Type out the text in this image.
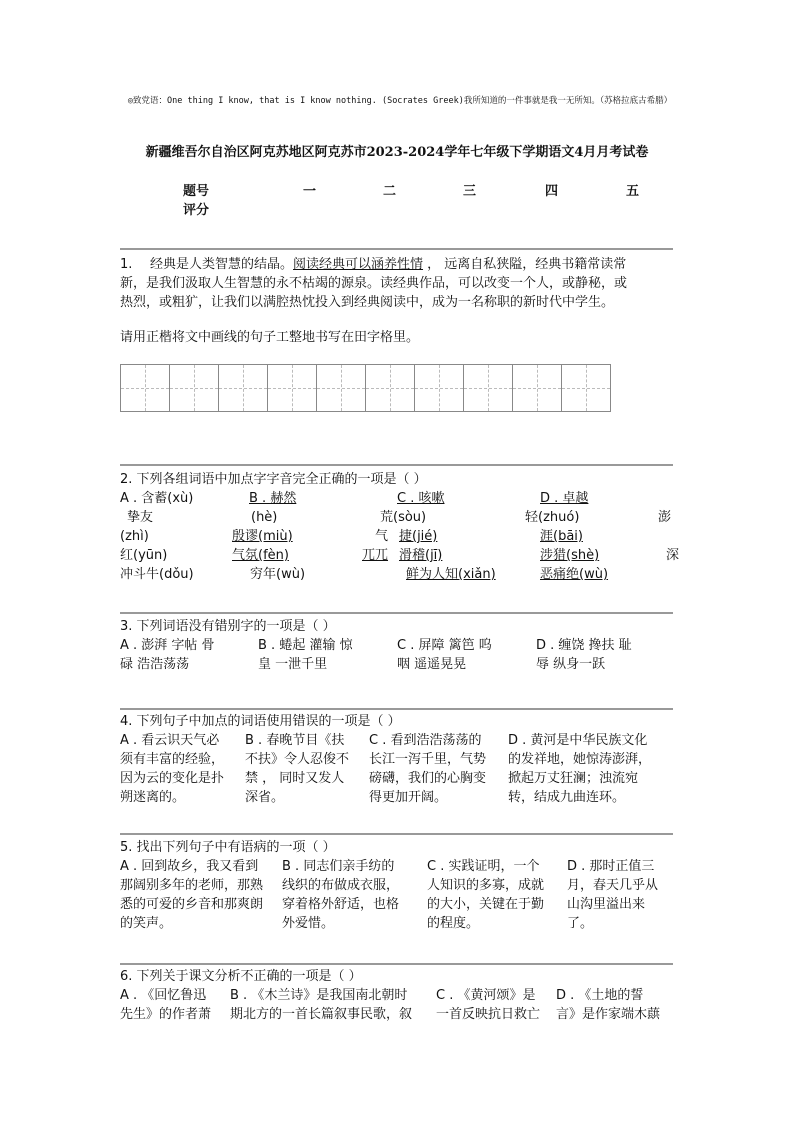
◎致党语：One thing I know, that is I know nothing. (Socrates Greek)我所知道的一件事就是我一无所知。（苏格拉底古希腊）
新疆维吾尔自治区阿克苏地区阿克苏市2023-2024学年七年级下学期语文4月月考试卷
题号	一	二	三	四	五
评分
1. 经典是人类智慧的结晶。阅读经典可以涵养性情 ， 远离自私狭隘，经典书籍常读常
新，是我们汲取人生智慧的永不枯竭的源泉。读经典作品，可以改变一个人，或静秘，或
热烈，或粗犷，让我们以满腔热忱投入到经典阅读中，成为一名称职的新时代中学生。
请用正楷将文中画线的句子工整地书写在田字格里。
2. 下列各组词语中加点字字音完全正确的一项是（ ）
A . 含蓄(xù)	B . 赫然	C . 咳嗽	D . 卓越
挚友	(hè)	荒(sòu)	轻(zhuó)	澎
(zhì)	殷谬(miù)	气 捷(jié)	涯(bāi)
红(yūn)	气氛(fèn)	兀兀 滑稽(jī)	涉猎(shè)	深
冲斗牛(dǒu)	穷年(wù)	鲜为人知(xiǎn)	恶痛绝(wù)
3. 下列词语没有错别字的一项是（ ）
A . 澎湃 字帖 骨
碌 浩浩荡荡
B . 蜷起 灌输 惊
皇 一泄千里
C . 屏障 篱笆 呜
咽 遥遥晃晃
D . 缠饶 搀扶 耻
辱 纵身一跃
4. 下列句子中加点的词语使用错误的一项是（ ）
A . 看云识天气必
须有丰富的经验，
因为云的变化是扑
朔迷离的。
B . 春晚节目《扶
不扶》令人忍俊不
禁 ， 同时又发人
深省。
C . 看到浩浩荡荡的
长江一泻千里，气势
磅礴，我们的心胸变
得更加开阔。
D . 黄河是中华民族文化
的发祥地，她惊涛澎湃，
掀起万丈狂澜；浊流宛
转，结成九曲连环。
5. 找出下列句子中有语病的一项（ ）
A . 回到故乡，我又看到
那阔别多年的老师，那熟
悉的可爱的乡音和那爽朗
的笑声。
B . 同志们亲手纺的
线织的布做成衣服，
穿着格外舒适，也格
外爱惜。
C . 实践证明，一个
人知识的多寡，成就
的大小，关键在于勤
的程度。
D . 那时正值三
月，春天几乎从
山沟里溢出来
了。
6. 下列关于课文分析不正确的一项是（ ）
A . 《回忆鲁迅
先生》的作者萧
B . 《木兰诗》是我国南北朝时
期北方的一首长篇叙事民歌，叙
C . 《黄河颂》是
一首反映抗日救亡
D . 《土地的誓
言》是作家端木蕻
